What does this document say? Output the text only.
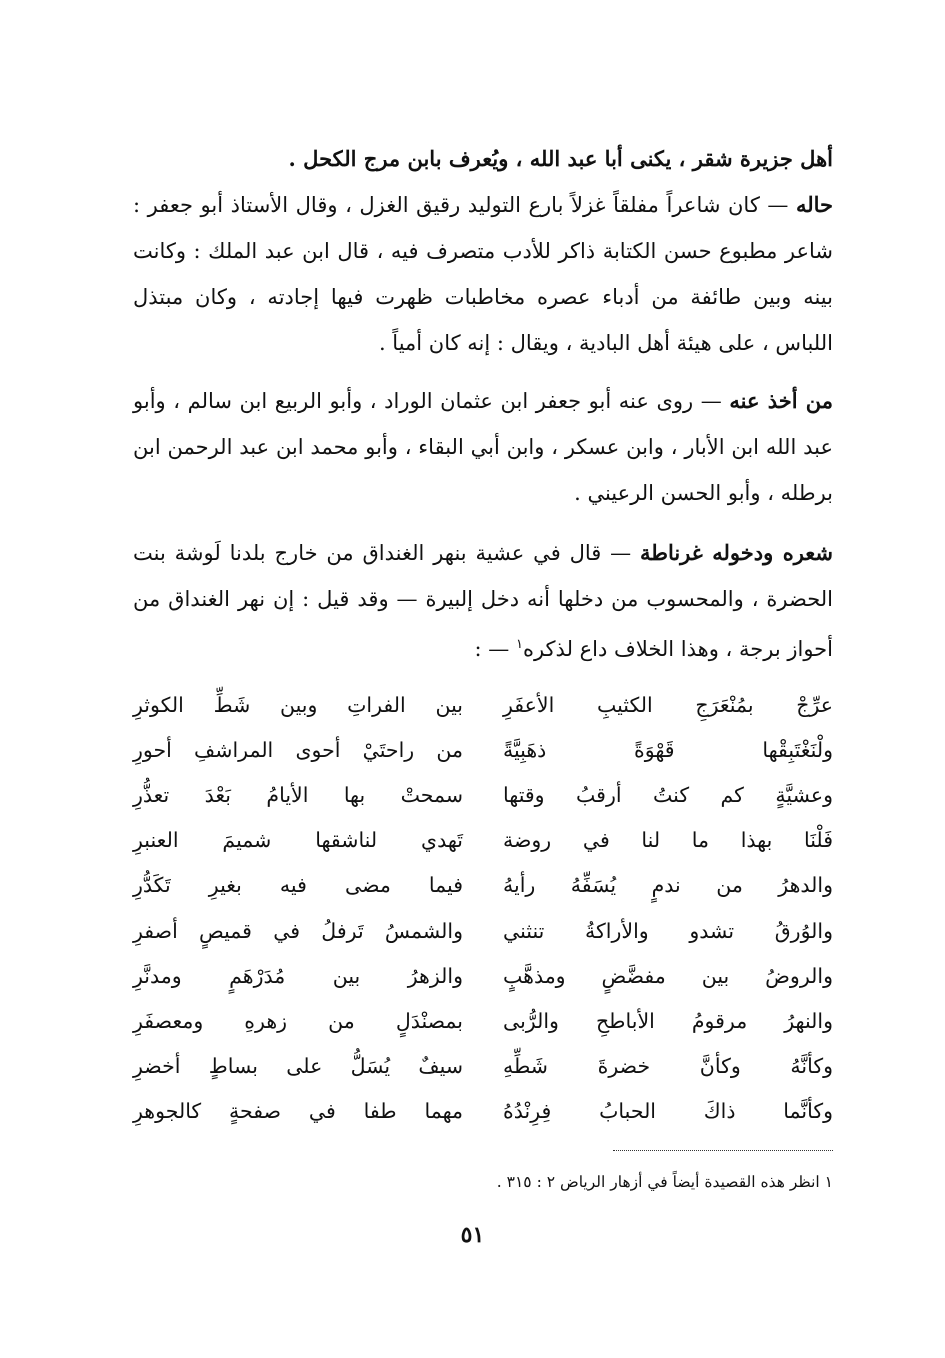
أهل جزيرة شقر ، يكنى أبا عبد الله ، ويُعرف بابن مرج الكحل .
حاله — كان شاعراً مفلقاً غزلاً بارع التوليد رقيق الغزل ، وقال الأستاذ أبو جعفر : شاعر مطبوع حسن الكتابة ذاكر للأدب متصرف فيه ، قال ابن عبد الملك : وكانت بينه وبين طائفة من أدباء عصره مخاطبات ظهرت فيها إجادته ، وكان مبتذل اللباس ، على هيئة أهل البادية ، ويقال : إنه كان أمياً .
من أخذ عنه — روى عنه أبو جعفر ابن عثمان الوراد ، وأبو الربيع ابن سالم ، وأبو عبد الله ابن الأبار ، وابن عسكر ، وابن أبي البقاء ، وأبو محمد ابن عبد الرحمن ابن برطله ، وأبو الحسن الرعيني .
شعره ودخوله غرناطة — قال في عشية بنهر الغنداق من خارج بلدنا لَوشة بنت الحضرة ، والمحسوب من دخلها أنه دخل إلبيرة — وقد قيل : إن نهر الغنداق من أحواز برجة ، وهذا الخلاف داع لذكره$^١$ — :
عرِّجْ بمُنْعَرَجِ الكثيبِ الأعفَرِ
بين الفراتِ وبين شَطِّ الكوثرِ
ولْنَغْتَبِقْها قَهْوَةً ذهَبِيَّةً
من راحتَيْ أحوى المراشفِ أحورِ
وعشيَّةٍ كم كنتُ أرقبُ وقتها
سمحتْ بها الأيامُ بَعْدَ تعذُّرِ
فَلْنَا بهذا ما لنا في روضة
تَهدي لناشقها شميمَ العنبرِ
والدهرُ من ندمٍ يُسَفِّهُ رأيهُ
فيما مضى فيه بغيرِ تَكَدُّرِ
والوُرقُ تشدو والأراكةُ تنثني
والشمسُ تَرفلُ في قميصٍ أصفرِ
والروضُ بين مفضَّضٍ ومذهَّبٍ
والزهرُ بين مُدَرْهَمٍ ومدنَّرِ
والنهرُ مرقومُ الأباطحِ والرُّبى
بمصنْدَلٍ من زهرهِ ومعصفَرِ
وكأنَّهُ وكأنَّ خضرةَ شَطِّهِ
سيفٌ يُسَلُّ على بساطٍ أخضرِ
وكأنَّما ذاكَ الحبابُ فِرِنْدُهُ
مهما طفا في صفحةٍ كالجوهرِ
١ انظر هذه القصيدة أيضاً في أزهار الرياض ٢ : ٣١٥ .
٥١
